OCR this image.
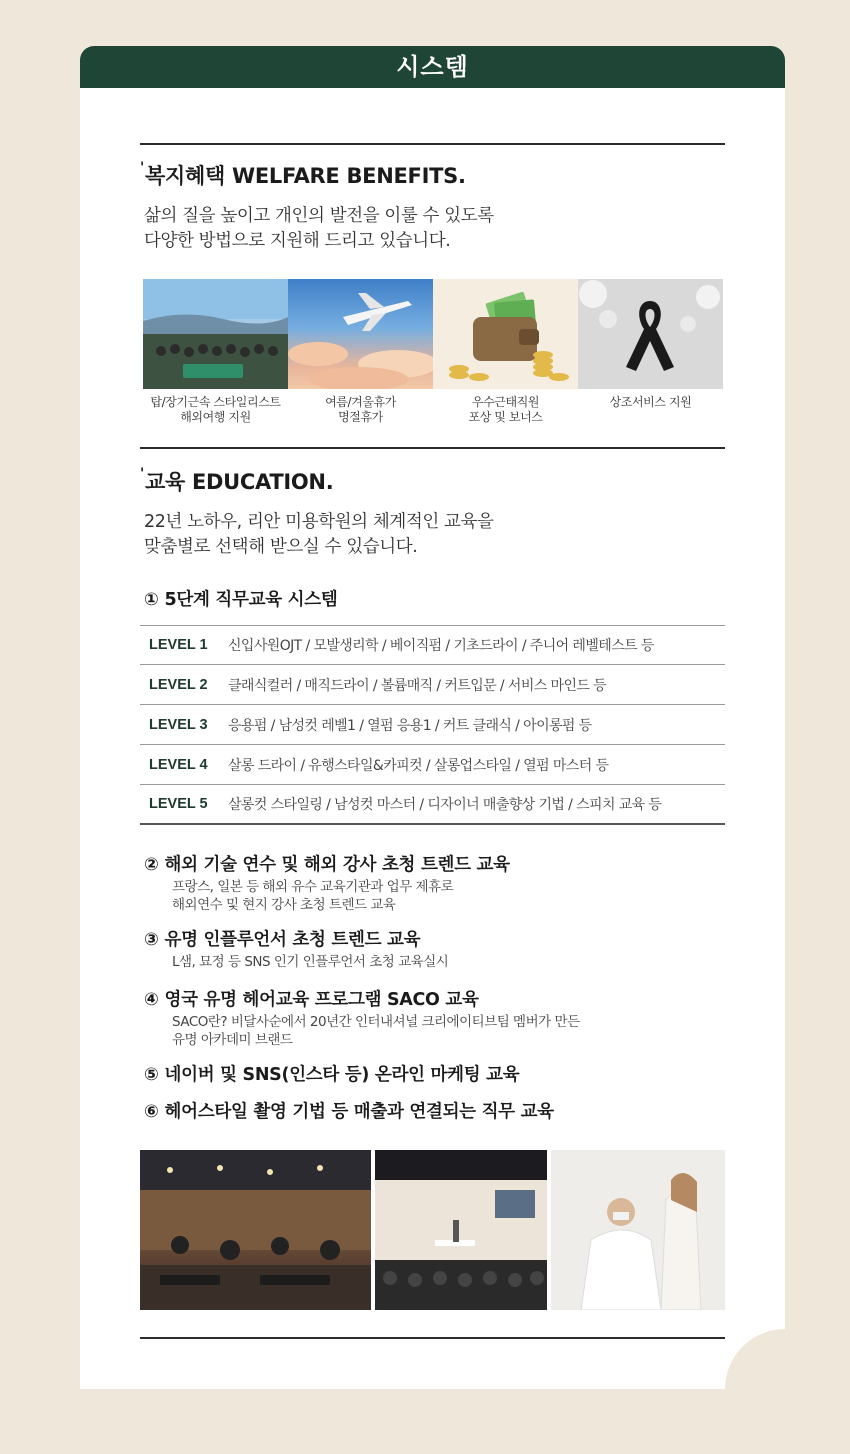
시스템
'복지혜택 WELFARE BENEFITS.
삶의 질을 높이고 개인의 발전을 이룰 수 있도록
다양한 방법으로 지원해 드리고 있습니다.
탑/장기근속 스타일리스트
해외여행 지원
여름/겨울휴가
명절휴가
우수근태직원
포상 및 보너스
상조서비스 지원
'교육 EDUCATION.
22년 노하우, 리안 미용학원의 체계적인 교육을
맞춤별로 선택해 받으실 수 있습니다.
① 5단계 직무교육 시스템
LEVEL 1	신입사원OJT / 모발생리학 / 베이직펌 / 기초드라이 / 주니어 레벨테스트 등
LEVEL 2	클래식컬러 / 매직드라이 / 볼륨매직 / 커트입문 / 서비스 마인드 등
LEVEL 3	응용펌 / 남성컷 레벨1 / 열펌 응용1 / 커트 클래식 / 아이롱펌 등
LEVEL 4	살롱 드라이 / 유행스타일&카피컷 / 살롱업스타일 / 열펌 마스터 등
LEVEL 5	살롱컷 스타일링 / 남성컷 마스터 / 디자이너 매출향상 기법 / 스피치 교육 등
② 해외 기술 연수 및 해외 강사 초청 트렌드 교육
프랑스, 일본 등 해외 유수 교육기관과 업무 제휴로
해외연수 및 현지 강사 초청 트렌드 교육
③ 유명 인플루언서 초청 트렌드 교육
L샘, 묘정 등 SNS 인기 인플루언서 초청 교육실시
④ 영국 유명 헤어교육 프로그램 SACO 교육
SACO란? 비달사순에서 20년간 인터내셔널 크리에이티브팀 멤버가 만든
유명 아카데미 브랜드
⑤ 네이버 및 SNS(인스타 등) 온라인 마케팅 교육
⑥ 헤어스타일 촬영 기법 등 매출과 연결되는 직무 교육
